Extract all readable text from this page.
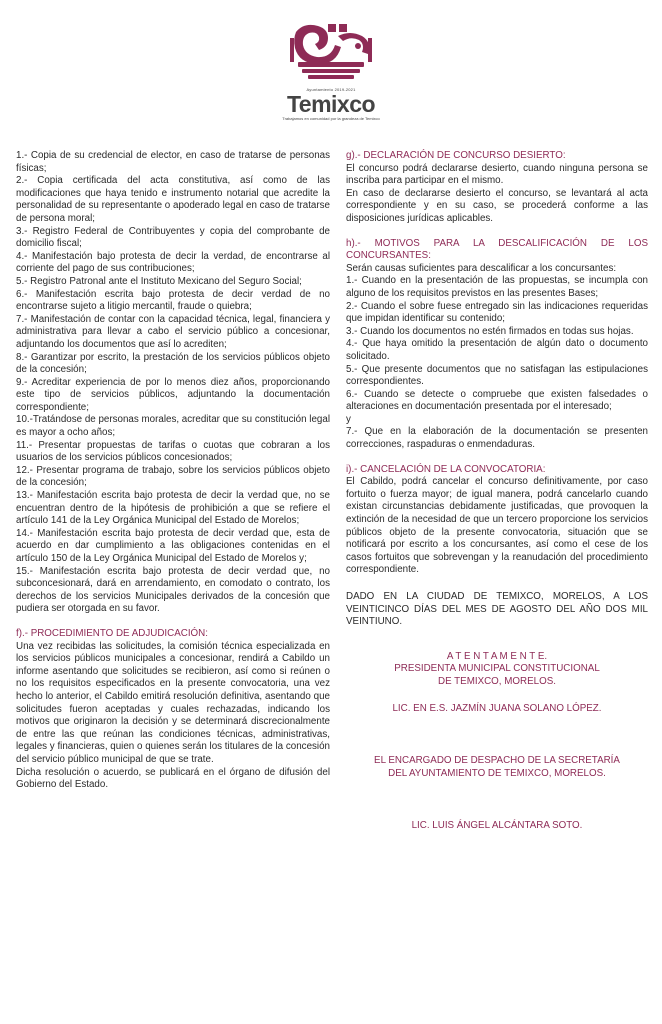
Ayuntamiento 2019-2021
Temixco
Trabajamos en comunidad por la grandeza de Temixco

1.- Copia de su credencial de elector, en caso de tratarse de personas físicas;

2.- Copia certificada del acta constitutiva, así como de las modificaciones que haya tenido e instrumento notarial que acredite la personalidad de su representante o apoderado legal en caso de tratarse de persona moral;

3.- Registro Federal de Contribuyentes y copia del comprobante de domicilio fiscal;

4.- Manifestación bajo protesta de decir la verdad, de encontrarse al corriente del pago de sus contribuciones;

5.- Registro Patronal ante el Instituto Mexicano del Seguro Social;

6.- Manifestación escrita bajo protesta de decir verdad de no encontrarse sujeto a litigio mercantil, fraude o quiebra;

7.- Manifestación de contar con la capacidad técnica, legal, financiera y administrativa para llevar a cabo el servicio público a concesionar, adjuntando los documentos que así lo acrediten;

8.- Garantizar por escrito, la prestación de los servicios públicos objeto de la concesión;

9.- Acreditar experiencia de por lo menos diez años, proporcionando este tipo de servicios públicos, adjuntando la documentación correspondiente;

10.-Tratándose de personas morales, acreditar que su constitución legal es mayor a ocho años;

11.- Presentar propuestas de tarifas o cuotas que cobraran a los usuarios de los servicios públicos concesionados;

12.- Presentar programa de trabajo, sobre los servicios públicos objeto de la concesión;

13.- Manifestación escrita bajo protesta de decir la verdad que, no se encuentran dentro de la hipótesis de prohibición a que se refiere el artículo 141 de la Ley Orgánica Municipal del Estado de Morelos;

14.- Manifestación escrita bajo protesta de decir verdad que, esta de acuerdo en dar cumplimiento a las obligaciones contenidas en el artículo 150 de la Ley Orgánica Municipal del Estado de Morelos y;

15.- Manifestación escrita bajo protesta de decir verdad que, no subconcesionará, dará en arrendamiento, en comodato o contrato, los derechos de los servicios Municipales derivados de la concesión que pudiera ser otorgada en su favor.

f).- PROCEDIMIENTO DE ADJUDICACIÓN:

Una vez recibidas las solicitudes, la comisión técnica especializada en los servicios públicos municipales a concesionar, rendirá a Cabildo un informe asentando que solicitudes se recibieron, así como si reúnen o no los requisitos especificados en la presente convocatoria, una vez hecho lo anterior, el Cabildo emitirá resolución definitiva, asentando que solicitudes fueron aceptadas y cuales rechazadas, indicando los motivos que originaron la decisión y se determinará discrecionalmente de entre las que reúnan las condiciones técnicas, administrativas, legales y financieras, quien o quienes serán los titulares de la concesión del servicio público municipal de que se trate.

Dicha resolución o acuerdo, se publicará en el órgano de difusión del Gobierno del Estado.

g).- DECLARACIÓN DE CONCURSO DESIERTO:

El concurso podrá declararse desierto, cuando ninguna persona se inscriba para participar en el mismo.

En caso de declararse desierto el concurso, se levantará al acta correspondiente y en su caso, se procederá conforme a las disposiciones jurídicas aplicables.

h).- MOTIVOS PARA LA DESCALIFICACIÓN DE LOS CONCURSANTES:

Serán causas suficientes para descalificar a los concursantes:

1.- Cuando en la presentación de las propuestas, se incumpla con alguno de los requisitos previstos en las presentes Bases;

2.- Cuando el sobre fuese entregado sin las indicaciones requeridas que impidan identificar su contenido;

3.- Cuando los documentos no estén firmados en todas sus hojas.

4.- Que haya omitido la presentación de algún dato o documento solicitado.

5.- Que presente documentos que no satisfagan las estipulaciones correspondientes.

6.- Cuando se detecte o compruebe que existen falsedades o alteraciones en documentación presentada por el interesado;

y

7.- Que en la elaboración de la documentación se presenten correcciones, raspaduras o enmendaduras.

i).- CANCELACIÓN DE LA CONVOCATORIA:

El Cabildo, podrá cancelar el concurso definitivamente, por caso fortuito o fuerza mayor; de igual manera, podrá cancelarlo cuando existan circunstancias debidamente justificadas, que provoquen la extinción de la necesidad de que un tercero proporcione los servicios públicos objeto de la presente convocatoria, situación que se notificará por escrito a los concursantes, así como el cese de los casos fortuitos que sobrevengan y la reanudación del procedimiento correspondiente.

DADO EN LA CIUDAD DE TEMIXCO, MORELOS, A LOS VEINTICINCO DÍAS DEL MES DE AGOSTO DEL AÑO DOS MIL VEINTIUNO.

A T E N T A M E N T E.

PRESIDENTA MUNICIPAL CONSTITUCIONAL

DE TEMIXCO, MORELOS.

LIC. EN E.S. JAZMÍN JUANA SOLANO LÓPEZ.

EL ENCARGADO DE DESPACHO DE LA SECRETARÍA

DEL AYUNTAMIENTO DE TEMIXCO, MORELOS.

LIC. LUIS ÁNGEL ALCÁNTARA SOTO.
